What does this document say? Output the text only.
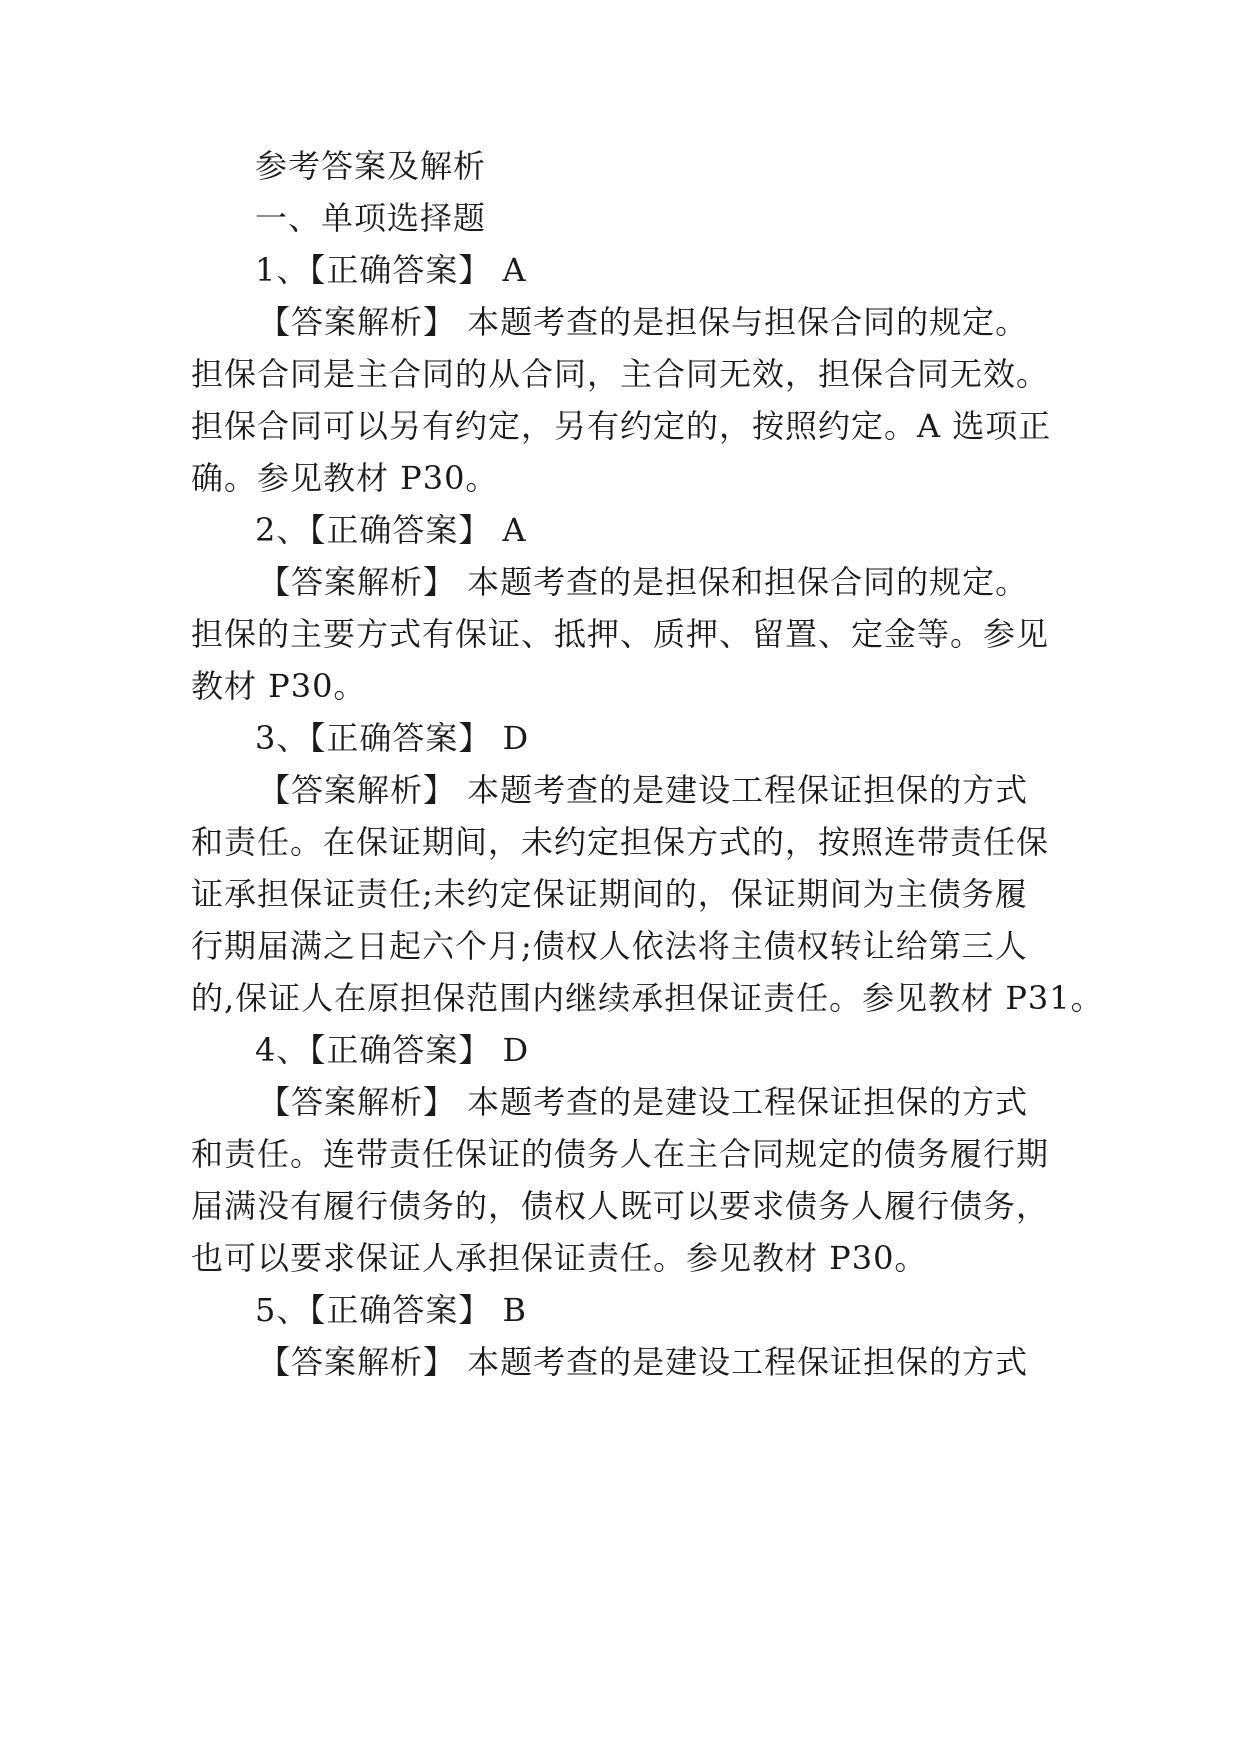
参考答案及解析
一、单项选择题
1、【正确答案】 A
【答案解析】 本题考查的是担保与担保合同的规定。
担保合同是主合同的从合同，主合同无效，担保合同无效。
担保合同可以另有约定，另有约定的，按照约定。A 选项正
确。参见教材 P30。
2、【正确答案】 A
【答案解析】 本题考查的是担保和担保合同的规定。
担保的主要方式有保证、抵押、质押、留置、定金等。参见
教材 P30。
3、【正确答案】 D
【答案解析】 本题考查的是建设工程保证担保的方式
和责任。在保证期间，未约定担保方式的，按照连带责任保
证承担保证责任;未约定保证期间的，保证期间为主债务履
行期届满之日起六个月;债权人依法将主债权转让给第三人
的,保证人在原担保范围内继续承担保证责任。参见教材 P31。
4、【正确答案】 D
【答案解析】 本题考查的是建设工程保证担保的方式
和责任。连带责任保证的债务人在主合同规定的债务履行期
届满没有履行债务的，债权人既可以要求债务人履行债务，
也可以要求保证人承担保证责任。参见教材 P30。
5、【正确答案】 B
【答案解析】 本题考查的是建设工程保证担保的方式
